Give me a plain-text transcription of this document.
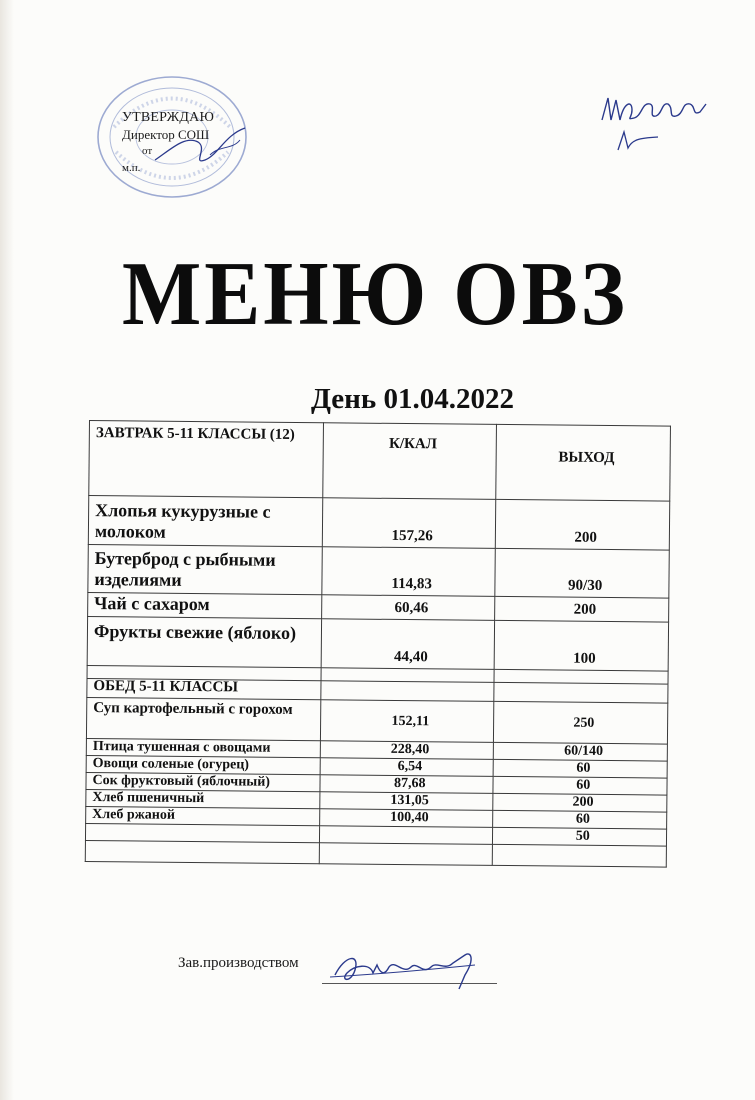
УТВЕРЖДАЮ
Директор СОШ
от
м.п.
МЕНЮ ОВЗ
День 01.04.2022
ЗАВТРАК 5-11 КЛАССЫ (12)	К/КАЛ	ВЫХОД
Хлопья кукурузные с молоком	157,26	200
Бутерброд с рыбными изделиями	114,83	90/30
Чай с сахаром	60,46	200
Фрукты свежие (яблоко)	44,40	100

ОБЕД 5-11 КЛАССЫ		
Суп картофельный с горохом	152,11	250
Птица тушенная с овощами	228,40	60/140
Овощи соленые (огурец)	6,54	60
Сок фруктовый (яблочный)	87,68	60
Хлеб пшеничный	131,05	200
Хлеб ржаной	100,40	60
		50

Зав.производством
